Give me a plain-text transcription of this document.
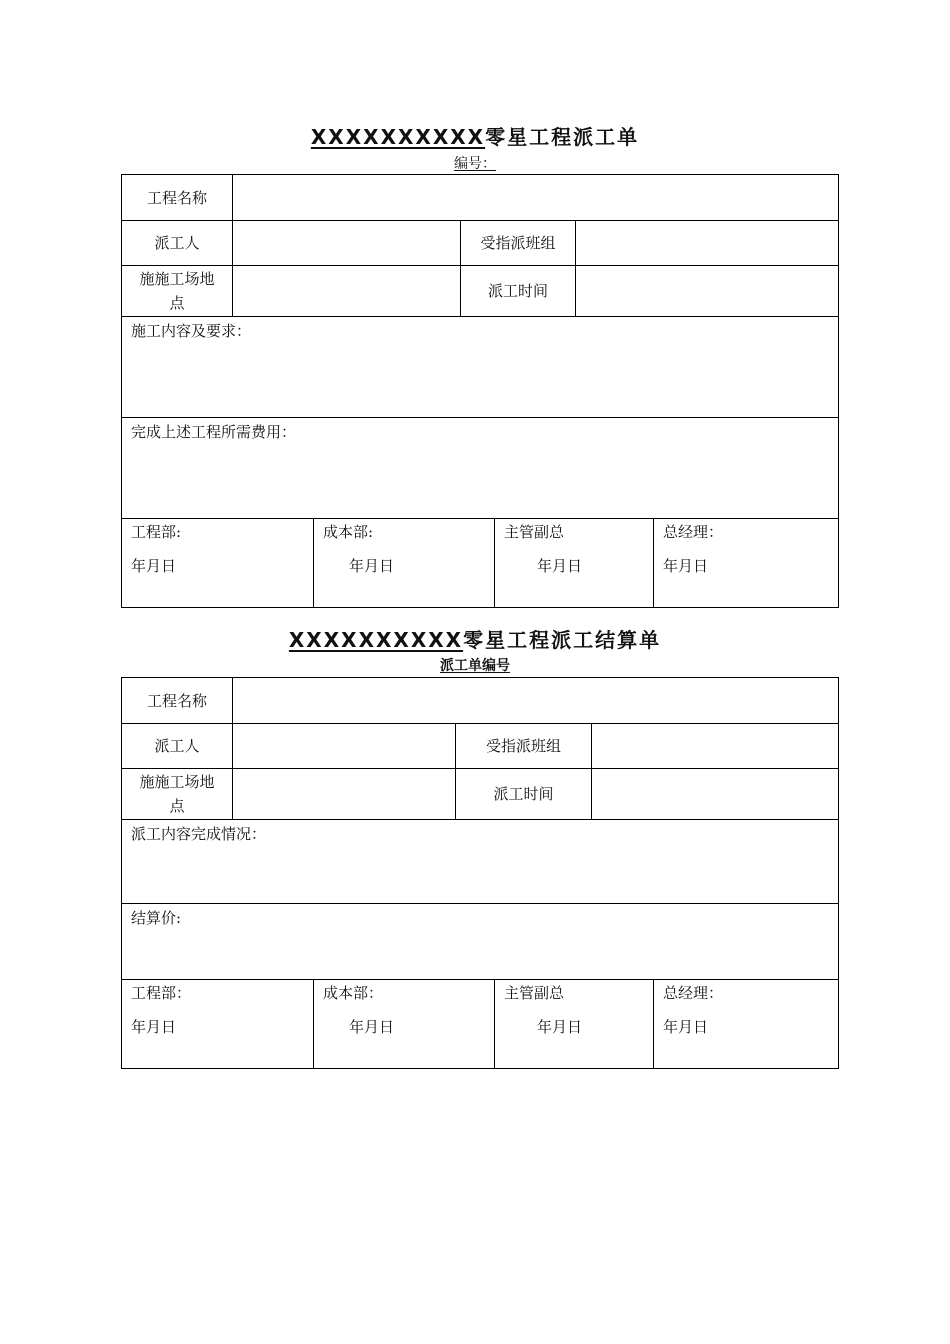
XXXXXXXXXX零星工程派工单
编号：
工程名称
派工人	受指派班组
施施工场地点
派工时间
施工内容及要求：
完成上述工程所需费用：
工程部:
年月日
成本部:
年月日
主管副总
年月日
总经理：
年月日
XXXXXXXXXX零星工程派工结算单
派工单编号
工程名称
派工人	受指派班组
施施工场地点
派工时间
派工内容完成情况：
结算价:
工程部：
年月日
成本部：
年月日
主管副总
年月日
总经理：
年月日
